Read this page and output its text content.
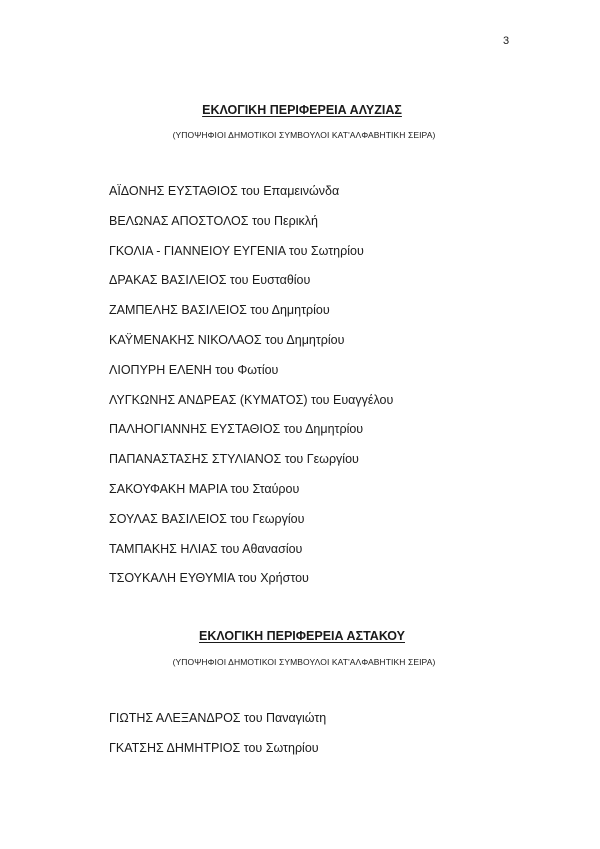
3
ΕΚΛΟΓΙΚΗ ΠΕΡΙΦΕΡΕΙΑ ΑΛΥΖΙΑΣ
(ΥΠΟΨΗΦΙΟΙ ΔΗΜΟΤΙΚΟΙ ΣΥΜΒΟΥΛΟΙ ΚΑΤ'ΑΛΦΑΒΗΤΙΚΗ ΣΕΙΡΑ)
ΑΪΔΟΝΗΣ ΕΥΣΤΑΘΙΟΣ του Επαμεινώνδα
ΒΕΛΩΝΑΣ ΑΠΟΣΤΟΛΟΣ του Περικλή
ΓΚΟΛΙΑ - ΓΙΑΝΝΕΙΟΥ ΕΥΓΕΝΙΑ του Σωτηρίου
ΔΡΑΚΑΣ ΒΑΣΙΛΕΙΟΣ του Ευσταθίου
ΖΑΜΠΕΛΗΣ ΒΑΣΙΛΕΙΟΣ του Δημητρίου
ΚΑΫΜΕΝΑΚΗΣ ΝΙΚΟΛΑΟΣ του Δημητρίου
ΛΙΟΠΥΡΗ ΕΛΕΝΗ του Φωτίου
ΛΥΓΚΩΝΗΣ ΑΝΔΡΕΑΣ (ΚΥΜΑΤΟΣ) του Ευαγγέλου
ΠΑΛΗΟΓΙΑΝΝΗΣ ΕΥΣΤΑΘΙΟΣ του Δημητρίου
ΠΑΠΑΝΑΣΤΑΣΗΣ ΣΤΥΛΙΑΝΟΣ του Γεωργίου
ΣΑΚΟΥΦΑΚΗ ΜΑΡΙΑ του Σταύρου
ΣΟΥΛΑΣ ΒΑΣΙΛΕΙΟΣ του Γεωργίου
ΤΑΜΠΑΚΗΣ ΗΛΙΑΣ του Αθανασίου
ΤΣΟΥΚΑΛΗ ΕΥΘΥΜΙΑ του Χρήστου
ΕΚΛΟΓΙΚΗ ΠΕΡΙΦΕΡΕΙΑ ΑΣΤΑΚΟΥ
(ΥΠΟΨΗΦΙΟΙ ΔΗΜΟΤΙΚΟΙ ΣΥΜΒΟΥΛΟΙ ΚΑΤ'ΑΛΦΑΒΗΤΙΚΗ ΣΕΙΡΑ)
ΓΙΩΤΗΣ ΑΛΕΞΑΝΔΡΟΣ του Παναγιώτη
ΓΚΑΤΣΗΣ ΔΗΜΗΤΡΙΟΣ του Σωτηρίου
